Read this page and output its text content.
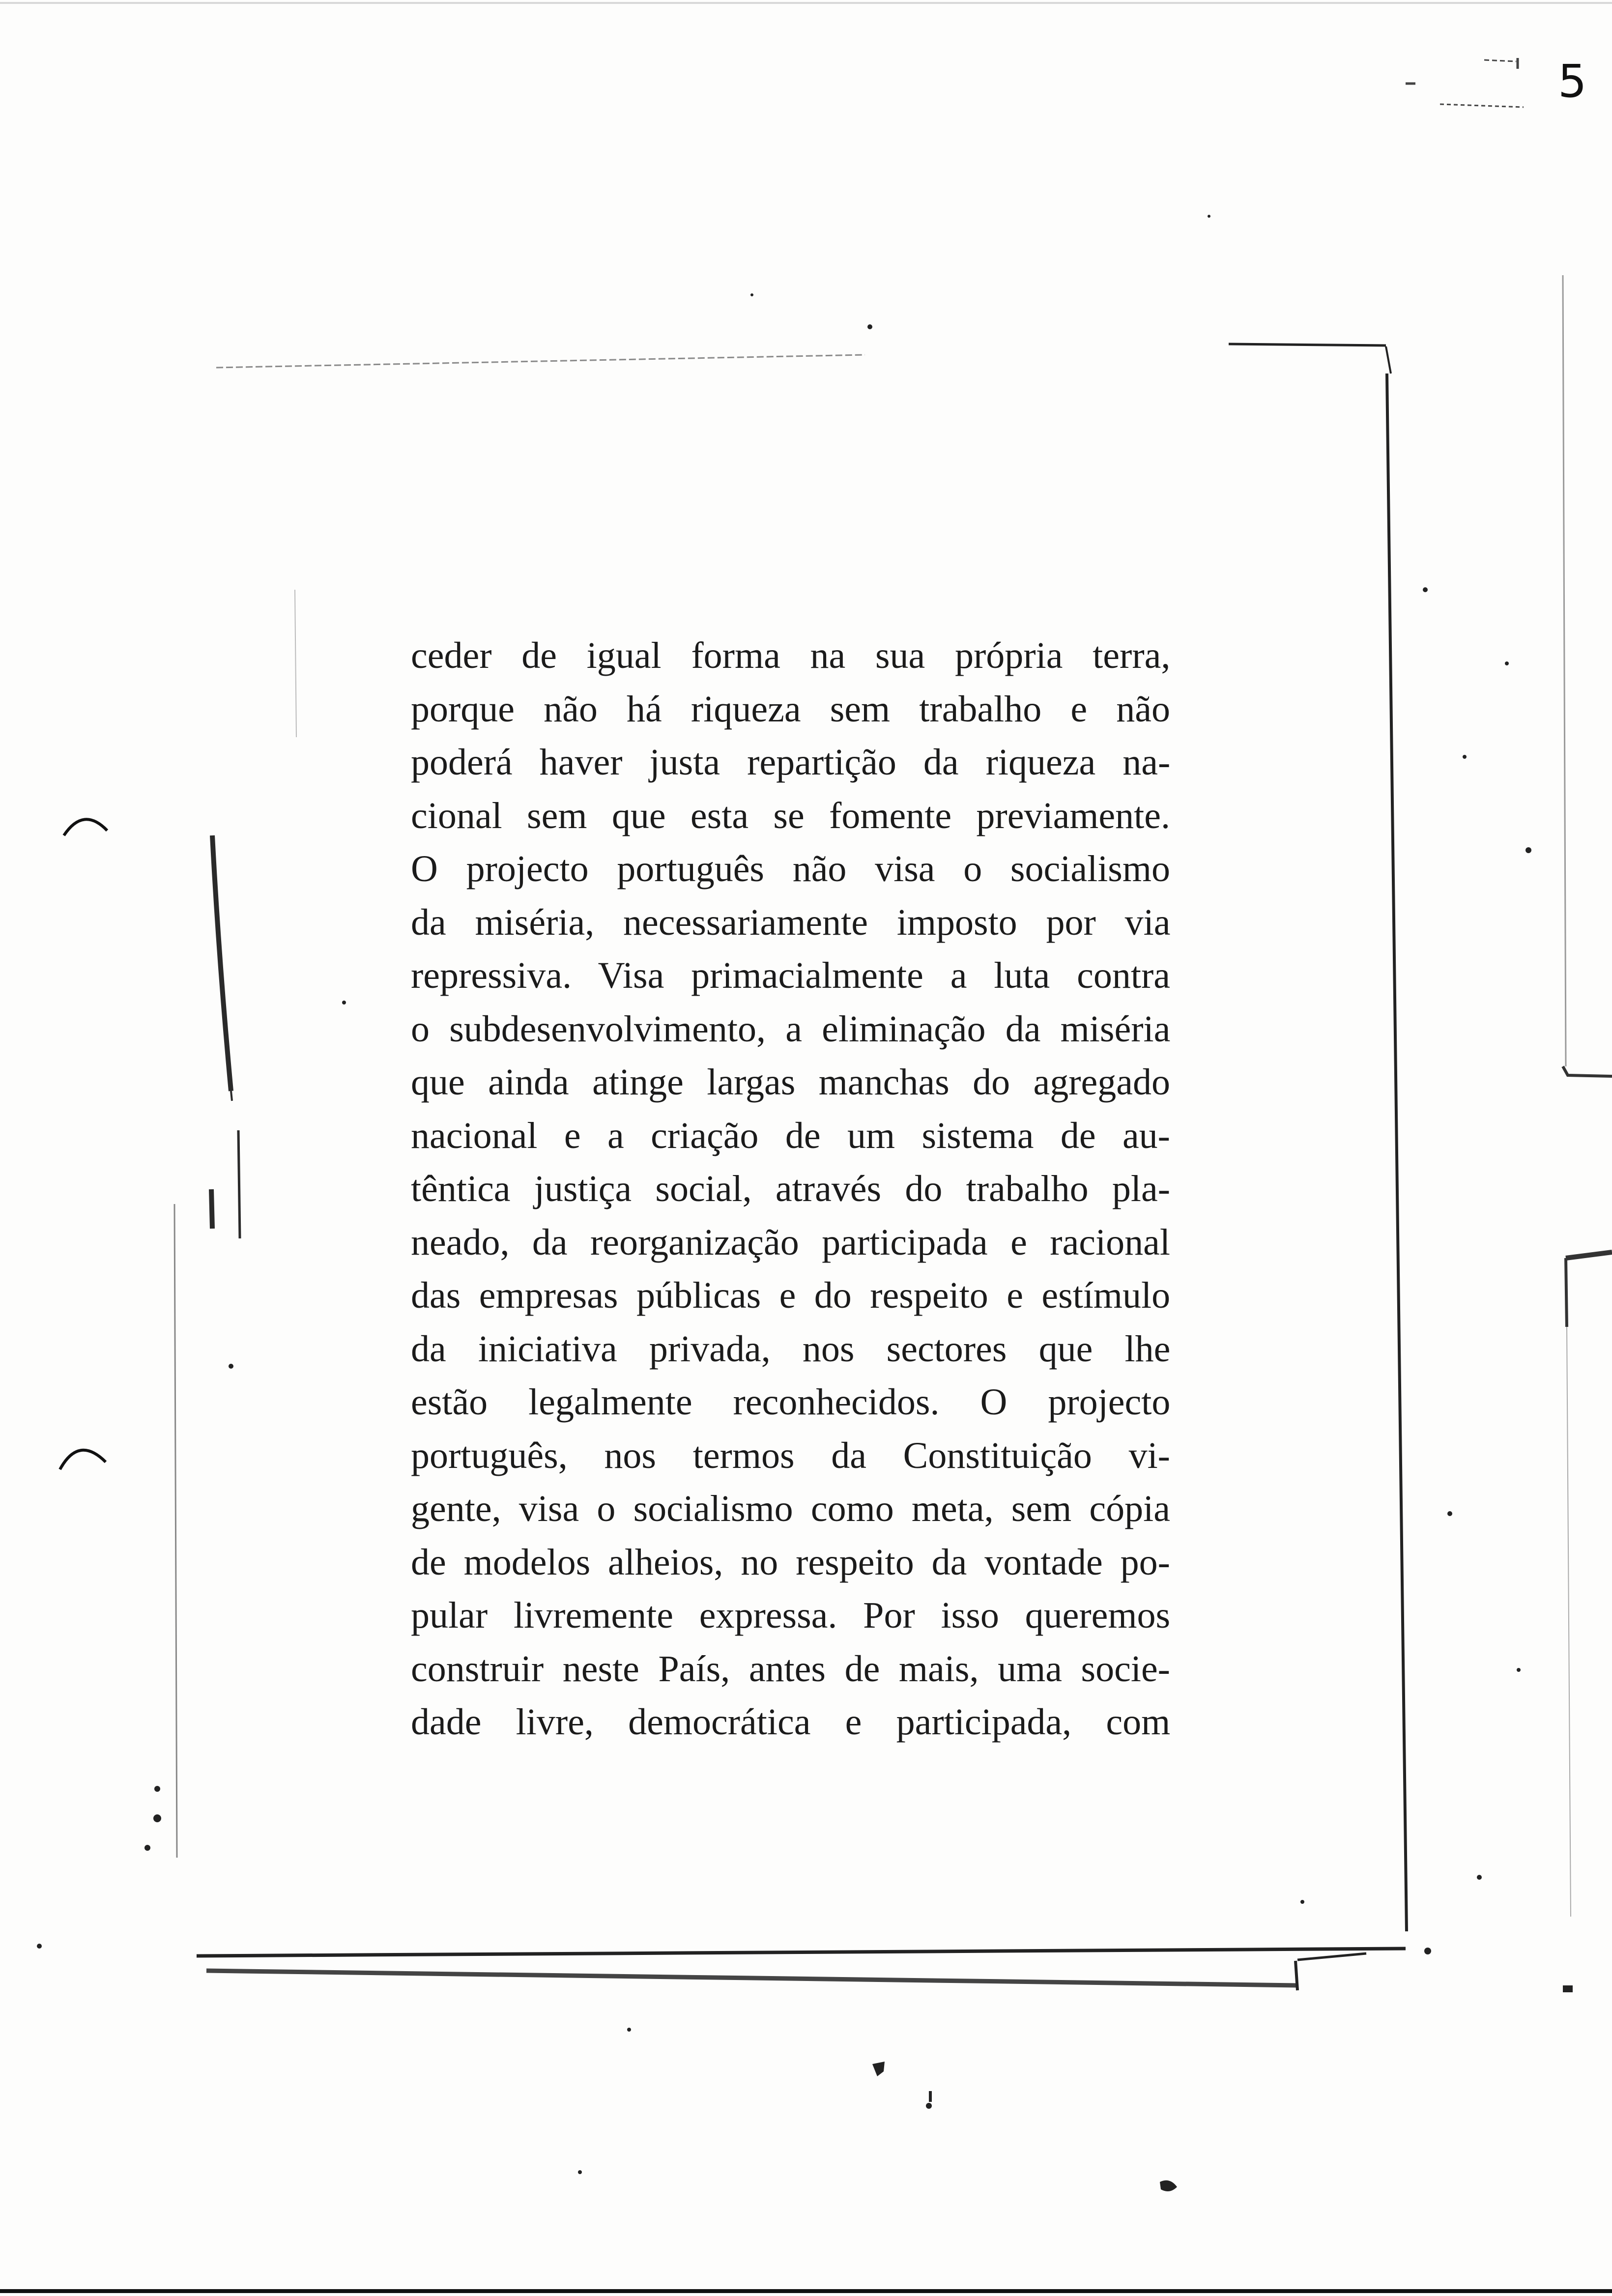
5
ceder de igual forma na sua própria terra,
porque não há riqueza sem trabalho e não
poderá haver justa repartição da riqueza na-
cional sem que esta se fomente previamente.
O projecto português não visa o socialismo
da miséria, necessariamente imposto por via
repressiva. Visa primacialmente a luta contra
o subdesenvolvimento, a eliminação da miséria
que ainda atinge largas manchas do agregado
nacional e a criação de um sistema de au-
têntica justiça social, através do trabalho pla-
neado, da reorganização participada e racional
das empresas públicas e do respeito e estímulo
da iniciativa privada, nos sectores que lhe
estão legalmente reconhecidos. O projecto
português, nos termos da Constituição vi-
gente, visa o socialismo como meta, sem cópia
de modelos alheios, no respeito da vontade po-
pular livremente expressa. Por isso queremos
construir neste País, antes de mais, uma socie-
dade livre, democrática e participada, com
